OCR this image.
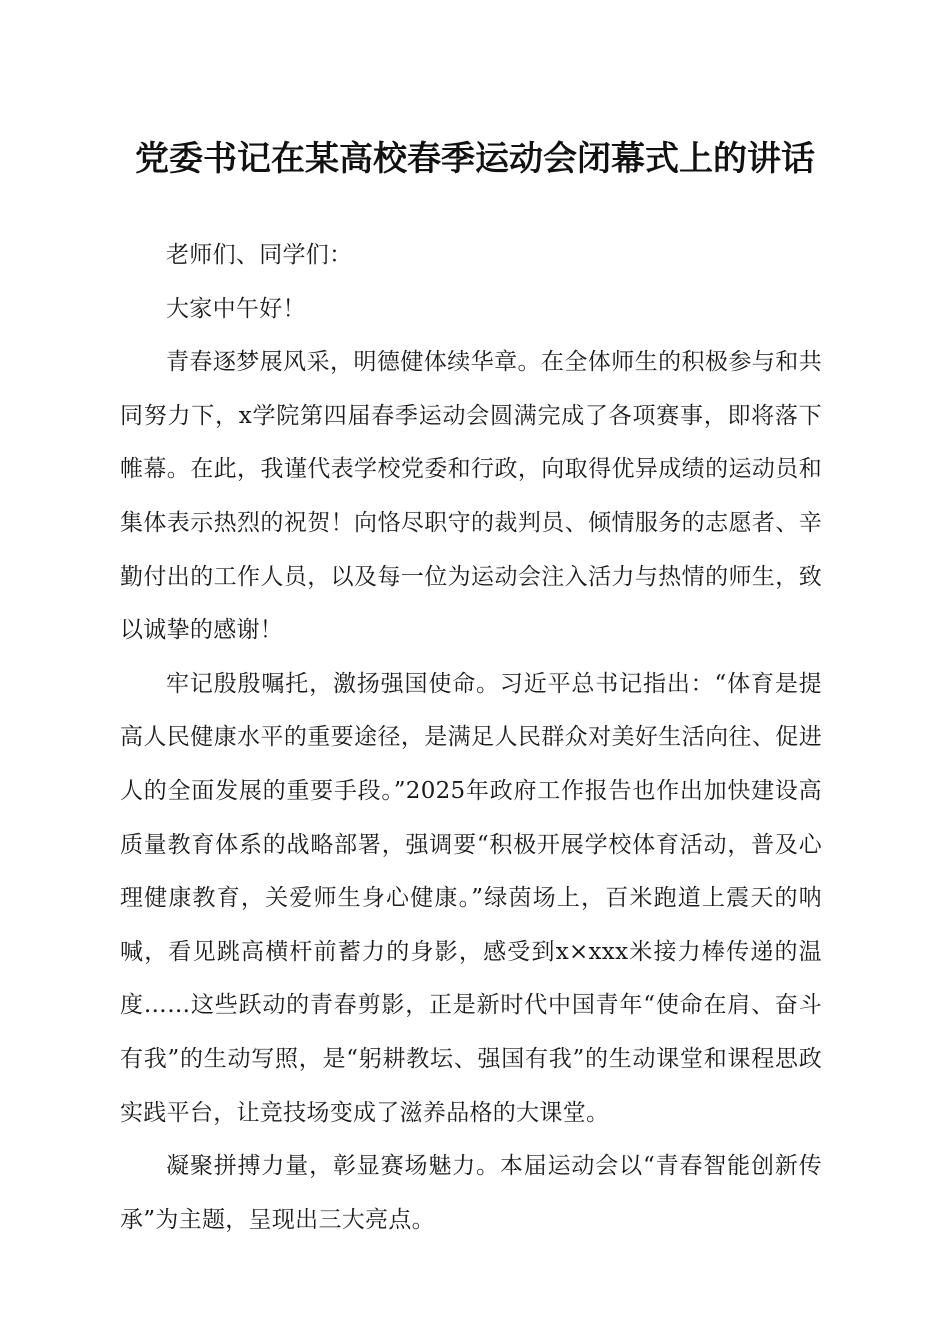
党委书记在某高校春季运动会闭幕式上的讲话

老师们、同学们：

大家中午好！

青春逐梦展风采，明德健体续华章。在全体师生的积极参与和共同努力下，x学院第四届春季运动会圆满完成了各项赛事，即将落下帷幕。在此，我谨代表学校党委和行政，向取得优异成绩的运动员和集体表示热烈的祝贺！向恪尽职守的裁判员、倾情服务的志愿者、辛勤付出的工作人员，以及每一位为运动会注入活力与热情的师生，致以诚挚的感谢！

牢记殷殷嘱托，激扬强国使命。习近平总书记指出：“体育是提高人民健康水平的重要途径，是满足人民群众对美好生活向往、促进人的全面发展的重要手段。”2025年政府工作报告也作出加快建设高质量教育体系的战略部署，强调要“积极开展学校体育活动，普及心理健康教育，关爱师生身心健康。”绿茵场上，百米跑道上震天的呐喊，看见跳高横杆前蓄力的身影，感受到x×xxx米接力棒传递的温度……这些跃动的青春剪影，正是新时代中国青年“使命在肩、奋斗有我”的生动写照，是“躬耕教坛、强国有我”的生动课堂和课程思政实践平台，让竞技场变成了滋养品格的大课堂。

凝聚拼搏力量，彰显赛场魅力。本届运动会以“青春智能创新传承”为主题，呈现出三大亮点。
